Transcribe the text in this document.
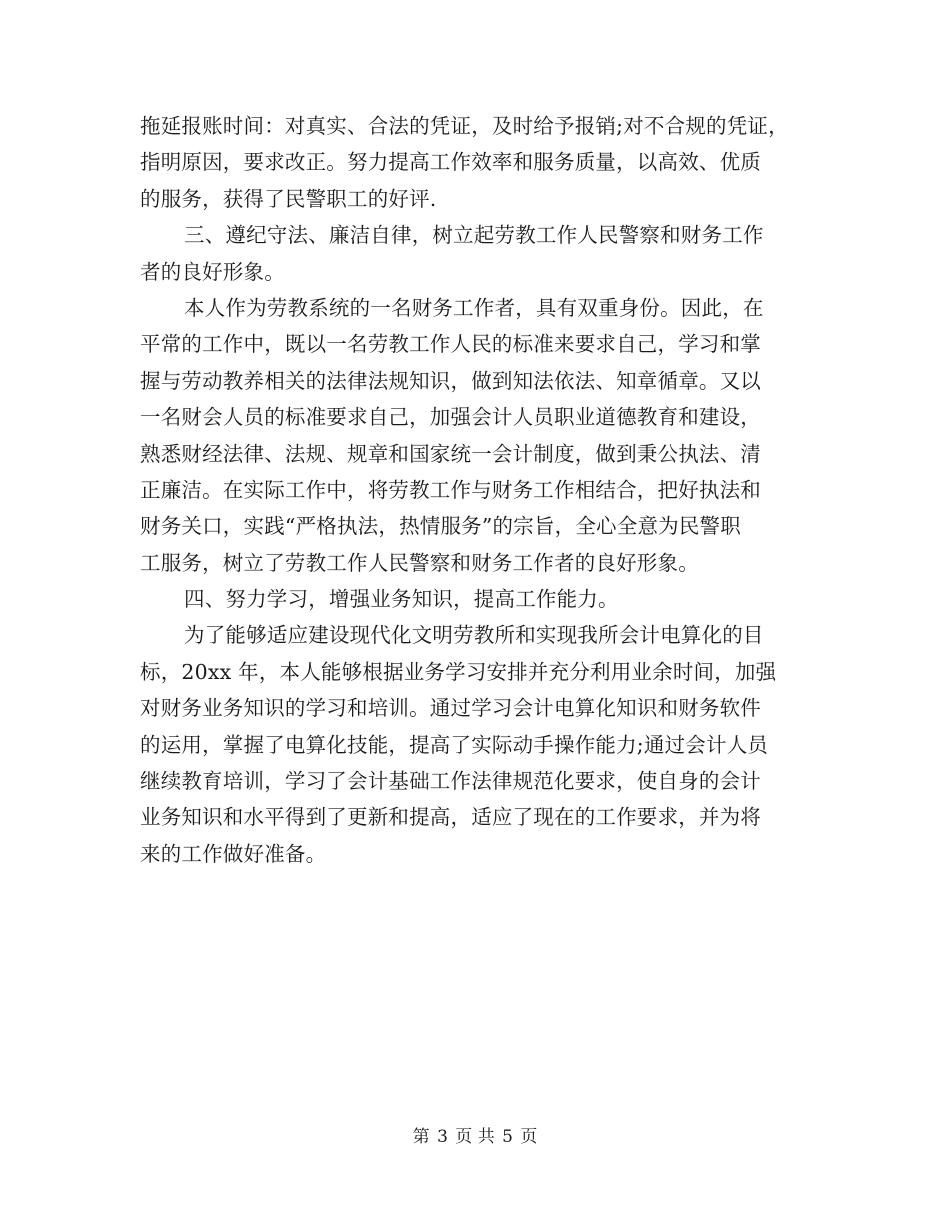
拖延报账时间：对真实、合法的凭证，及时给予报销;对不合规的凭证，
指明原因，要求改正。努力提高工作效率和服务质量，以高效、优质
的服务，获得了民警职工的好评.
三、遵纪守法、廉洁自律，树立起劳教工作人民警察和财务工作
者的良好形象。
本人作为劳教系统的一名财务工作者，具有双重身份。因此，在
平常的工作中，既以一名劳教工作人民的标准来要求自己，学习和掌
握与劳动教养相关的法律法规知识，做到知法依法、知章循章。又以
一名财会人员的标准要求自己，加强会计人员职业道德教育和建设，
熟悉财经法律、法规、规章和国家统一会计制度，做到秉公执法、清
正廉洁。在实际工作中，将劳教工作与财务工作相结合，把好执法和
财务关口，实践“严格执法，热情服务”的宗旨，全心全意为民警职
工服务，树立了劳教工作人民警察和财务工作者的良好形象。
四、努力学习，增强业务知识，提高工作能力。
为了能够适应建设现代化文明劳教所和实现我所会计电算化的目
标，20xx 年，本人能够根据业务学习安排并充分利用业余时间，加强
对财务业务知识的学习和培训。通过学习会计电算化知识和财务软件
的运用，掌握了电算化技能，提高了实际动手操作能力;通过会计人员
继续教育培训，学习了会计基础工作法律规范化要求，使自身的会计
业务知识和水平得到了更新和提高，适应了现在的工作要求，并为将
来的工作做好准备。
第 3 页 共 5 页
